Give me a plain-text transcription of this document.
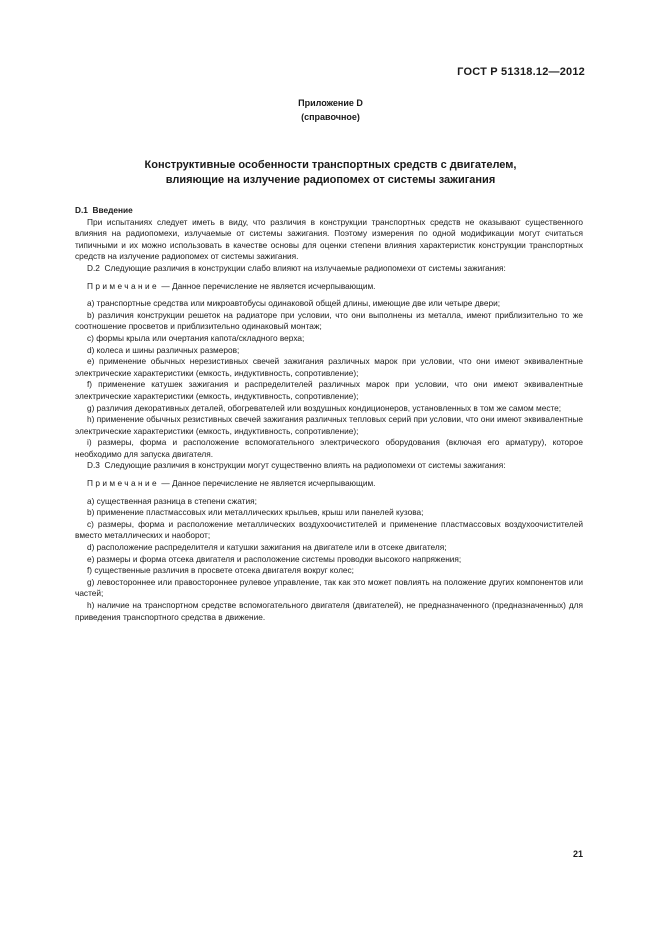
ГОСТ Р 51318.12—2012
Приложение D
(справочное)
Конструктивные особенности транспортных средств с двигателем,
влияющие на излучение радиопомех от системы зажигания

D.1 Введение

При испытаниях следует иметь в виду, что различия в конструкции транспортных средств не оказывают существенного влияния на радиопомехи, излучаемые от системы зажигания. Поэтому измерения по одной модификации могут считаться типичными и их можно использовать в качестве основы для оценки степени влияния характеристик конструкции транспортных средств на излучение радиопомех от системы зажигания.

D.2 Следующие различия в конструкции слабо влияют на излучаемые радиопомехи от системы зажигания:

Примечание — Данное перечисление не является исчерпывающим.

a) транспортные средства или микроавтобусы одинаковой общей длины, имеющие две или четыре двери;

b) различия конструкции решеток на радиаторе при условии, что они выполнены из металла, имеют приблизительно то же соотношение просветов и приблизительно одинаковый монтаж;

c) формы крыла или очертания капота/складного верха;

d) колеса и шины различных размеров;

e) применение обычных нерезистивных свечей зажигания различных марок при условии, что они имеют эквивалентные электрические характеристики (емкость, индуктивность, сопротивление);

f) применение катушек зажигания и распределителей различных марок при условии, что они имеют эквивалентные электрические характеристики (емкость, индуктивность, сопротивление);

g) различия декоративных деталей, обогревателей или воздушных кондиционеров, установленных в том же самом месте;

h) применение обычных резистивных свечей зажигания различных тепловых серий при условии, что они имеют эквивалентные электрические характеристики (емкость, индуктивность, сопротивление);

i) размеры, форма и расположение вспомогательного электрического оборудования (включая его арматуру), которое необходимо для запуска двигателя.

D.3 Следующие различия в конструкции могут существенно влиять на радиопомехи от системы зажигания:

Примечание — Данное перечисление не является исчерпывающим.

a) существенная разница в степени сжатия;

b) применение пластмассовых или металлических крыльев, крыш или панелей кузова;

c) размеры, форма и расположение металлических воздухоочистителей и применение пластмассовых воздухоочистителей вместо металлических и наоборот;

d) расположение распределителя и катушки зажигания на двигателе или в отсеке двигателя;

e) размеры и форма отсека двигателя и расположение системы проводки высокого напряжения;

f) существенные различия в просвете отсека двигателя вокруг колес;

g) левостороннее или правостороннее рулевое управление, так как это может повлиять на положение других компонентов или частей;

h) наличие на транспортном средстве вспомогательного двигателя (двигателей), не предназначенного (предназначенных) для приведения транспортного средства в движение.

21
